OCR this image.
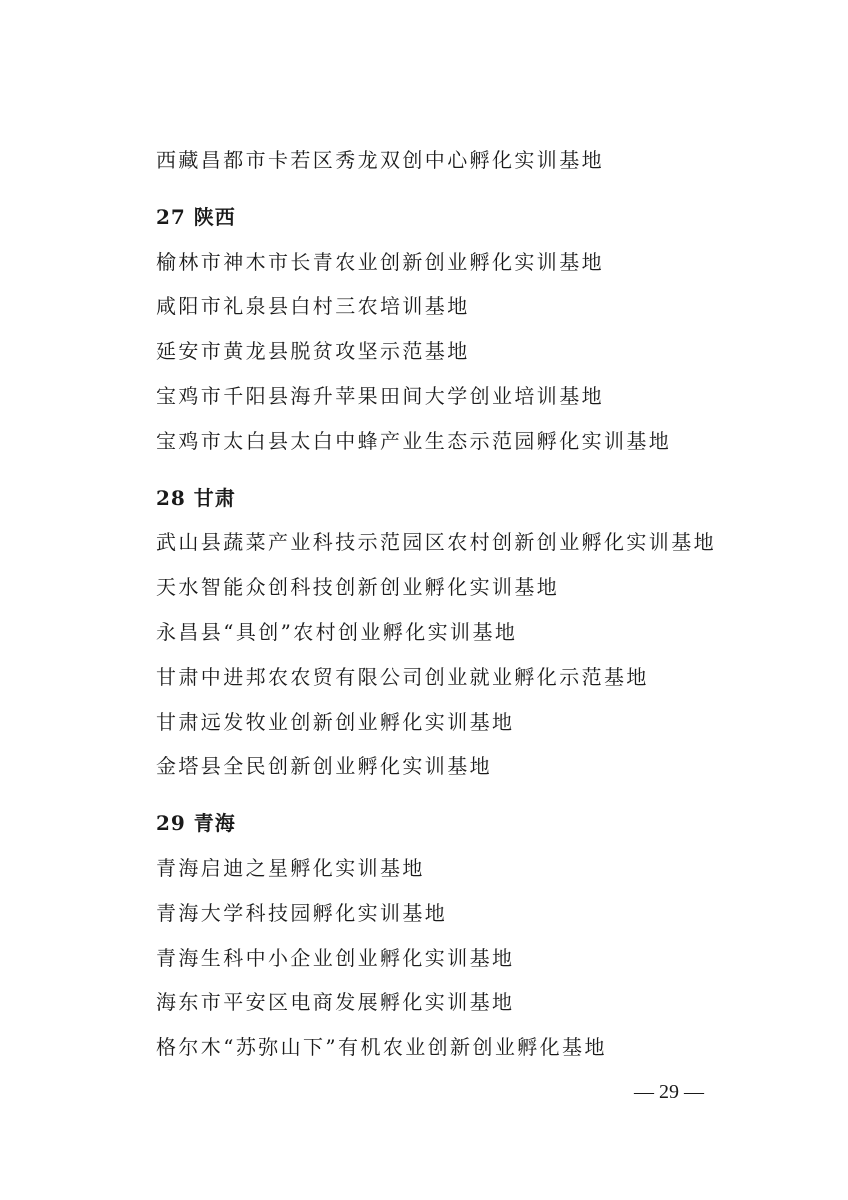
西藏昌都市卡若区秀龙双创中心孵化实训基地
27 陕西
榆林市神木市长青农业创新创业孵化实训基地
咸阳市礼泉县白村三农培训基地
延安市黄龙县脱贫攻坚示范基地
宝鸡市千阳县海升苹果田间大学创业培训基地
宝鸡市太白县太白中蜂产业生态示范园孵化实训基地
28 甘肃
武山县蔬菜产业科技示范园区农村创新创业孵化实训基地
天水智能众创科技创新创业孵化实训基地
永昌县“具创”农村创业孵化实训基地
甘肃中进邦农农贸有限公司创业就业孵化示范基地
甘肃远发牧业创新创业孵化实训基地
金塔县全民创新创业孵化实训基地
29 青海
青海启迪之星孵化实训基地
青海大学科技园孵化实训基地
青海生科中小企业创业孵化实训基地
海东市平安区电商发展孵化实训基地
格尔木“苏弥山下”有机农业创新创业孵化基地
— 29 —
